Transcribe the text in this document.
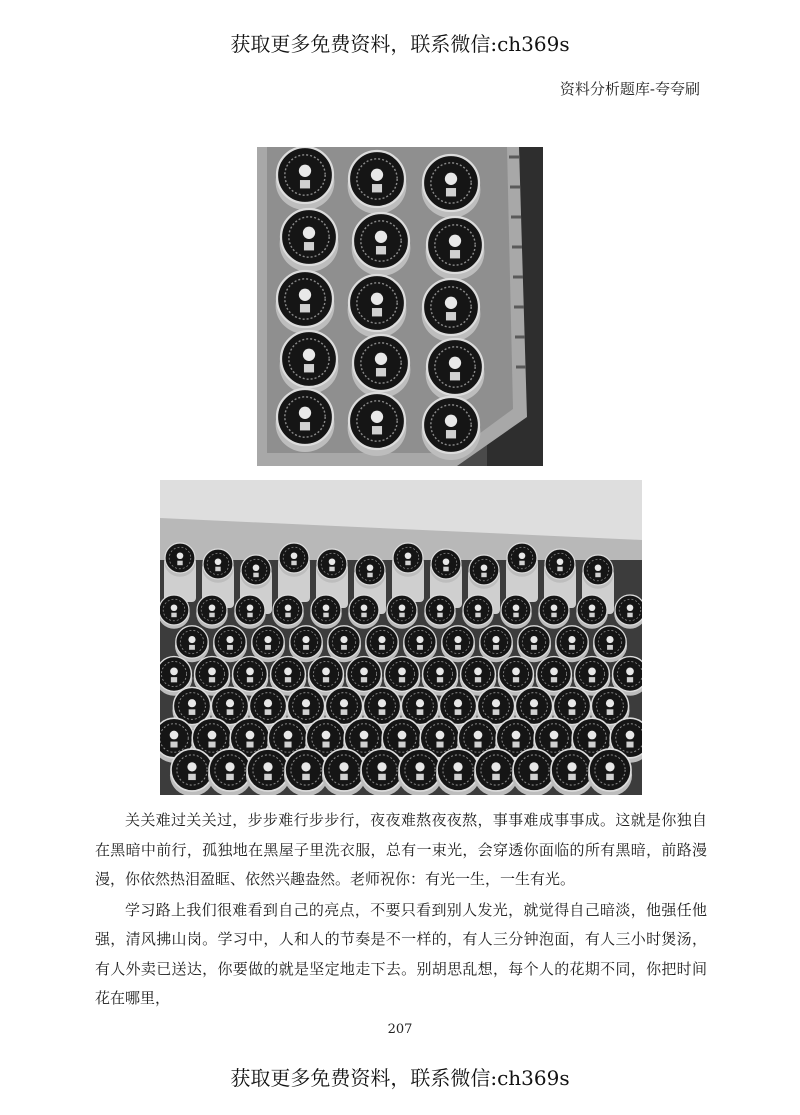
获取更多免费资料，联系微信:ch369s
资料分析题库-夸夸刷

关关难过关关过，步步难行步步行，夜夜难熬夜夜熬，事事难成事事成。这就是你独自在黑暗中前行，孤独地在黑屋子里洗衣服，总有一束光，会穿透你面临的所有黑暗，前路漫漫，你依然热泪盈眶、依然兴趣盎然。老师祝你：有光一生，一生有光。

学习路上我们很难看到自己的亮点，不要只看到别人发光，就觉得自己暗淡，他强任他强，清风拂山岗。学习中，人和人的节奏是不一样的，有人三分钟泡面，有人三小时煲汤，有人外卖已送达，你要做的就是坚定地走下去。别胡思乱想，每个人的花期不同，你把时间花在哪里，

207
获取更多免费资料，联系微信:ch369s
